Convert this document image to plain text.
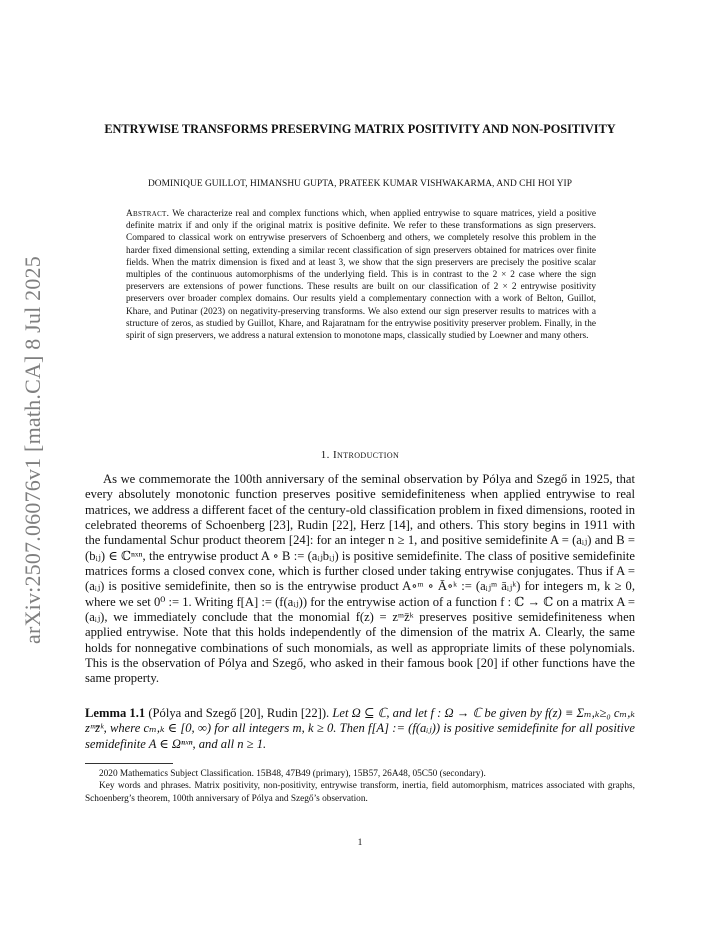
arXiv:2507.06076v1 [math.CA] 8 Jul 2025
ENTRYWISE TRANSFORMS PRESERVING MATRIX POSITIVITY AND NON-POSITIVITY
DOMINIQUE GUILLOT, HIMANSHU GUPTA, PRATEEK KUMAR VISHWAKARMA, AND CHI HOI YIP
Abstract. We characterize real and complex functions which, when applied entrywise to square matrices, yield a positive definite matrix if and only if the original matrix is positive definite. We refer to these transformations as sign preservers. Compared to classical work on entrywise preservers of Schoenberg and others, we completely resolve this problem in the harder fixed dimensional setting, extending a similar recent classification of sign preservers obtained for matrices over finite fields. When the matrix dimension is fixed and at least 3, we show that the sign preservers are precisely the positive scalar multiples of the continuous automorphisms of the underlying field. This is in contrast to the 2 × 2 case where the sign preservers are extensions of power functions. These results are built on our classification of 2 × 2 entrywise positivity preservers over broader complex domains. Our results yield a complementary connection with a work of Belton, Guillot, Khare, and Putinar (2023) on negativity-preserving transforms. We also extend our sign preserver results to matrices with a structure of zeros, as studied by Guillot, Khare, and Rajaratnam for the entrywise positivity preserver problem. Finally, in the spirit of sign preservers, we address a natural extension to monotone maps, classically studied by Loewner and many others.
1. Introduction

As we commemorate the 100th anniversary of the seminal observation by Pólya and Szegő in 1925, that every absolutely monotonic function preserves positive semidefiniteness when applied entrywise to real matrices, we address a different facet of the century-old classification problem in fixed dimensions, rooted in celebrated theorems of Schoenberg [23], Rudin [22], Herz [14], and others. This story begins in 1911 with the fundamental Schur product theorem [24]: for an integer n ≥ 1, and positive semidefinite A = (aᵢⱼ) and B = (bᵢⱼ) ∈ ℂⁿˣⁿ, the entrywise product A ∘ B := (aᵢⱼbᵢⱼ) is positive semidefinite. The class of positive semidefinite matrices forms a closed convex cone, which is further closed under taking entrywise conjugates. Thus if A = (aᵢⱼ) is positive semidefinite, then so is the entrywise product A∘ᵐ ∘ Ā∘ᵏ := (aᵢⱼᵐ āᵢⱼᵏ) for integers m, k ≥ 0, where we set 0⁰ := 1. Writing f[A] := (f(aᵢⱼ)) for the entrywise action of a function f : ℂ → ℂ on a matrix A = (aᵢⱼ), we immediately conclude that the monomial f(z) = zᵐz̄ᵏ preserves positive semidefiniteness when applied entrywise. Note that this holds independently of the dimension of the matrix A. Clearly, the same holds for nonnegative combinations of such monomials, as well as appropriate limits of these polynomials. This is the observation of Pólya and Szegő, who asked in their famous book [20] if other functions have the same property.

Lemma 1.1 (Pólya and Szegő [20], Rudin [22]). Let Ω ⊆ ℂ, and let f : Ω → ℂ be given by f(z) ≡ Σₘ,ₖ≥₀ cₘ,ₖ zᵐz̄ᵏ, where cₘ,ₖ ∈ [0, ∞) for all integers m, k ≥ 0. Then f[A] := (f(aᵢⱼ)) is positive semidefinite for all positive semidefinite A ∈ Ωⁿˣⁿ, and all n ≥ 1.

2020 Mathematics Subject Classification. 15B48, 47B49 (primary), 15B57, 26A48, 05C50 (secondary).

Key words and phrases. Matrix positivity, non-positivity, entrywise transform, inertia, field automorphism, matrices associated with graphs, Schoenberg’s theorem, 100th anniversary of Pólya and Szegő’s observation.

1
